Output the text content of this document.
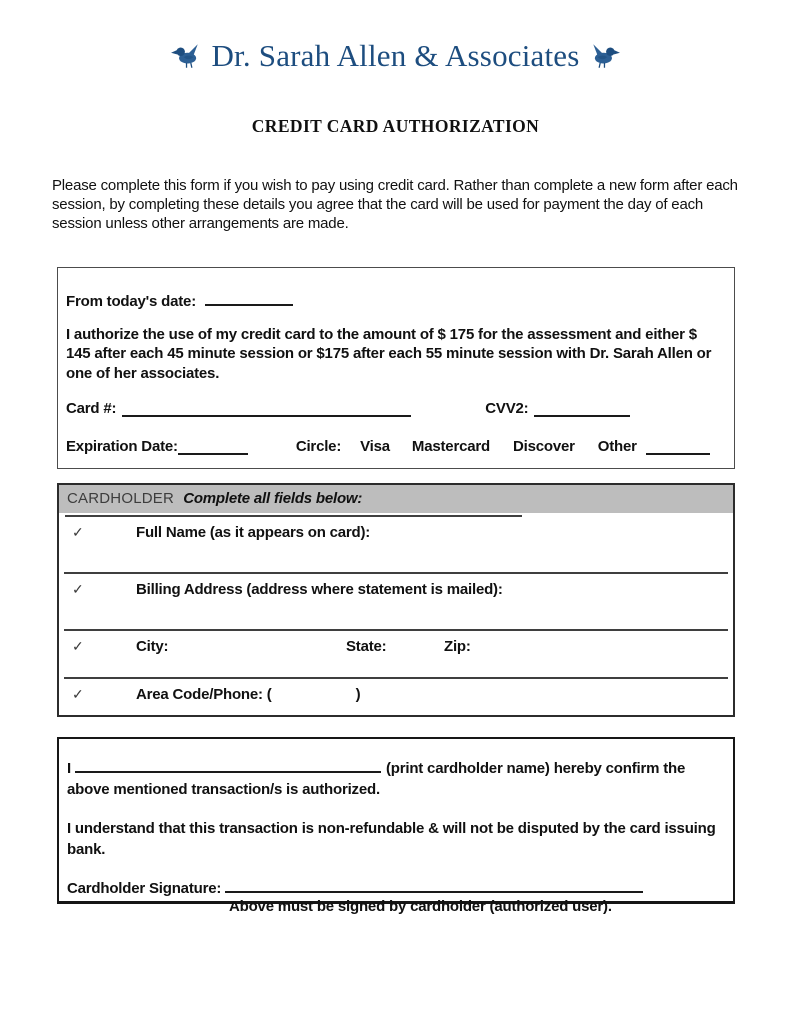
Dr. Sarah Allen & Associates
CREDIT CARD AUTHORIZATION

Please complete this form if you wish to pay using credit card. Rather than complete a new form after each session, by completing these details you agree that the card will be used for payment the day of each session unless other arrangements are made.

From today's date:
I authorize the use of my credit card to the amount of $ 175 for the assessment and either $ 145 after each 45 minute session or $175 after each 55 minute session with Dr. Sarah Allen or one of her associates.
Card #:	CVV2:
Expiration Date:	Circle: Visa Mastercard Discover Other
CARDHOLDER Complete all fields below:
✓	Full Name (as it appears on card):
✓	Billing Address (address where statement is mailed):
✓	City:	State:	Zip:
✓	Area Code/Phone: (	)
I	(print cardholder name) hereby confirm the above mentioned transaction/s is authorized.
I understand that this transaction is non-refundable & will not be disputed by the card issuing bank.
Cardholder Signature:
Above must be signed by cardholder (authorized user).
